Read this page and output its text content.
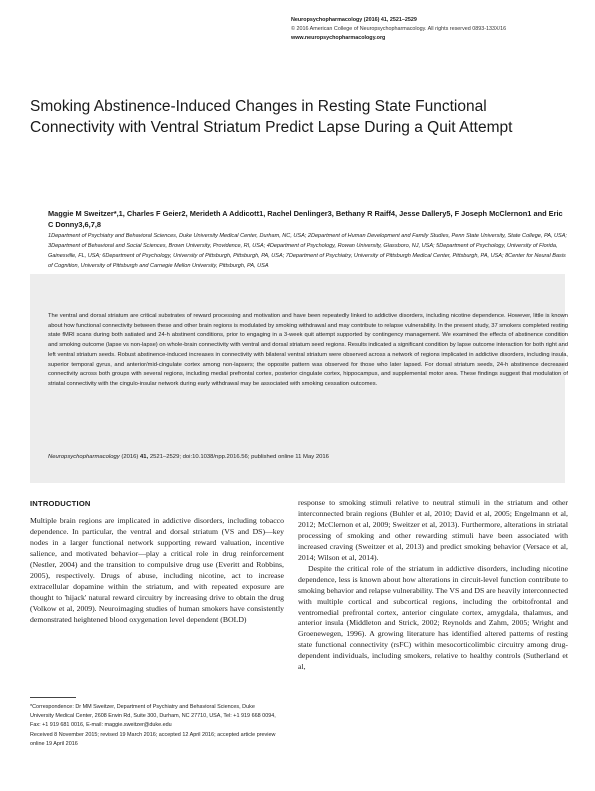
Neuropsychopharmacology (2016) 41, 2521–2529
© 2016 American College of Neuropsychopharmacology. All rights reserved 0893-133X/16
www.neuropsychopharmacology.org
Smoking Abstinence-Induced Changes in Resting State Functional Connectivity with Ventral Striatum Predict Lapse During a Quit Attempt
Maggie M Sweitzer*,1, Charles F Geier2, Merideth A Addicott1, Rachel Denlinger3, Bethany R Raiff4, Jesse Dallery5, F Joseph McClernon1 and Eric C Donny3,6,7,8
1Department of Psychiatry and Behavioral Sciences, Duke University Medical Center, Durham, NC, USA; 2Department of Human Development and Family Studies, Penn State University, State College, PA, USA; 3Department of Behavioral and Social Sciences, Brown University, Providence, RI, USA; 4Department of Psychology, Rowan University, Glassboro, NJ, USA; 5Department of Psychology, University of Florida, Gainesville, FL, USA; 6Department of Psychology, University of Pittsburgh, Pittsburgh, PA, USA; 7Department of Psychiatry, University of Pittsburgh Medical Center, Pittsburgh, PA, USA; 8Center for Neural Basis of Cognition, University of Pittsburgh and Carnegie Mellon University, Pittsburgh, PA, USA

The ventral and dorsal striatum are critical substrates of reward processing and motivation and have been repeatedly linked to addictive disorders, including nicotine dependence. However, little is known about how functional connectivity between these and other brain regions is modulated by smoking withdrawal and may contribute to relapse vulnerability. In the present study, 37 smokers completed resting state fMRI scans during both satiated and 24-h abstinent conditions, prior to engaging in a 3-week quit attempt supported by contingency management. We examined the effects of abstinence condition and smoking outcome (lapse vs non-lapse) on whole-brain connectivity with ventral and dorsal striatum seed regions. Results indicated a significant condition by lapse outcome interaction for both right and left ventral striatum seeds. Robust abstinence-induced increases in connectivity with bilateral ventral striatum were observed across a network of regions implicated in addictive disorders, including insula, superior temporal gyrus, and anterior/mid-cingulate cortex among non-lapsers; the opposite pattern was observed for those who later lapsed. For dorsal striatum seeds, 24-h abstinence decreased connectivity across both groups with several regions, including medial prefrontal cortex, posterior cingulate cortex, hippocampus, and supplemental motor area. These findings suggest that modulation of striatal connectivity with the cingulo-insular network during early withdrawal may be associated with smoking cessation outcomes.

Neuropsychopharmacology (2016) 41, 2521–2529; doi:10.1038/npp.2016.56; published online 11 May 2016
INTRODUCTION

Multiple brain regions are implicated in addictive disorders, including tobacco dependence. In particular, the ventral and dorsal striatum (VS and DS)—key nodes in a larger functional network supporting reward valuation, incentive salience, and motivated behavior—play a critical role in drug reinforcement (Nestler, 2004) and the transition to compulsive drug use (Everitt and Robbins, 2005), respectively. Drugs of abuse, including nicotine, act to increase extracellular dopamine within the striatum, and with repeated exposure are thought to 'hijack' natural reward circuitry by increasing drive to obtain the drug (Volkow et al, 2009). Neuroimaging studies of human smokers have consistently demonstrated heightened blood oxygenation level dependent (BOLD)

response to smoking stimuli relative to neutral stimuli in the striatum and other interconnected brain regions (Buhler et al, 2010; David et al, 2005; Engelmann et al, 2012; McClernon et al, 2009; Sweitzer et al, 2013). Furthermore, alterations in striatal processing of smoking and other rewarding stimuli have been associated with increased craving (Sweitzer et al, 2013) and predict smoking behavior (Versace et al, 2014; Wilson et al, 2014).

Despite the critical role of the striatum in addictive disorders, including nicotine dependence, less is known about how alterations in circuit-level function contribute to smoking behavior and relapse vulnerability. The VS and DS are heavily interconnected with multiple cortical and subcortical regions, including the orbitofrontal and ventromedial prefrontal cortex, anterior cingulate cortex, amygdala, thalamus, and anterior insula (Middleton and Strick, 2002; Reynolds and Zahm, 2005; Wright and Groenewegen, 1996). A growing literature has identified altered patterns of resting state functional connectivity (rsFC) within mesocorticolimbic circuitry among drug-dependent individuals, including smokers, relative to healthy controls (Sutherland et al,

*Correspondence: Dr MM Sweitzer, Department of Psychiatry and Behavioral Sciences, Duke University Medical Center, 2608 Erwin Rd, Suite 300, Durham, NC 27710, USA, Tel: +1 919 668 0094, Fax: +1 919 681 0016, E-mail: maggie.sweitzer@duke.edu
Received 8 November 2015; revised 19 March 2016; accepted 12 April 2016; accepted article preview online 19 April 2016
